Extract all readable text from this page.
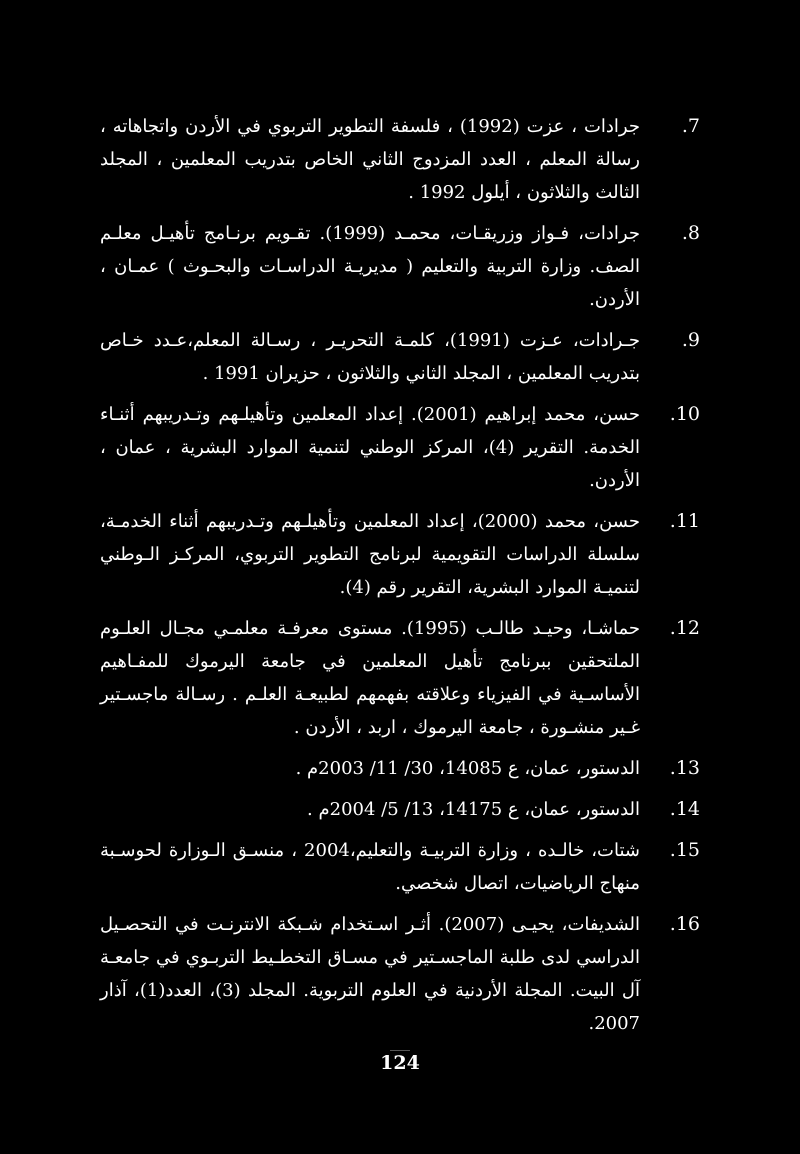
.7
جرادات ، عزت (1992) ، فلسفة التطوير التربوي في الأردن واتجاهاته ، رسالة المعلم ، العدد المزدوج الثاني الخاص بتدريب المعلمين ، المجلد الثالث والثلاثون ، أيلول 1992 .
.8
جرادات، فـواز وزريقـات، محمـد (1999). تقـويم برنـامج تأهيـل معلـم الصف. وزارة التربية والتعليم ( مديريـة الدراسـات والبحـوث ) عمـان ، الأردن.
.9
جـرادات، عـزت (1991)، كلمـة التحريـر ، رسـالة المعلم،عـدد خـاص بتدريب المعلمين ، المجلد الثاني والثلاثون ، حزيران 1991 .
.10
حسن، محمد إبراهيم (2001). إعداد المعلمين وتأهيلـهم وتـدريبهم أثنـاء الخدمة. التقرير (4)، المركز الوطني لتنمية الموارد البشرية ، عمان ، الأردن.
.11
حسن، محمد (2000)، إعداد المعلمين وتأهيلـهم وتـدريبهم أثناء الخدمـة، سلسلة الدراسات التقويمية لبرنامج التطوير التربوي، المركـز الـوطني لتنميـة الموارد البشرية، التقرير رقم (4).
.12
حماشـا، وحيـد طالـب (1995). مستوى معرفـة معلمـي مجـال العلـوم الملتحقين ببرنامج تأهيل المعلمين في جامعة اليرموك للمفـاهيم الأساسـية في الفيزياء وعلاقته بفهمهم لطبيعـة العلـم . رسـالة ماجسـتير غـير منشـورة ، جامعة اليرموك ، اربد ، الأردن .
.13
الدستور، عمان، ع 14085، 30/ 11/ 2003م .
.14
الدستور، عمان، ع 14175، 13/ 5/ 2004م .
.15
شتات، خالـده ، وزارة التربيـة والتعليم،2004 ، منسـق الـوزارة لحوسـبة منهاج الرياضيات، اتصال شخصي.
.16
الشديفات، يحيـى (2007). أثـر اسـتخدام شـبكة الانترنـت في التحصـيل الدراسي لدى طلبة الماجسـتير في مسـاق التخطـيط التربـوي في جامعـة آل البيت. المجلة الأردنية في العلوم التربوية. المجلد (3)، العدد(1)، آذار 2007.
124
